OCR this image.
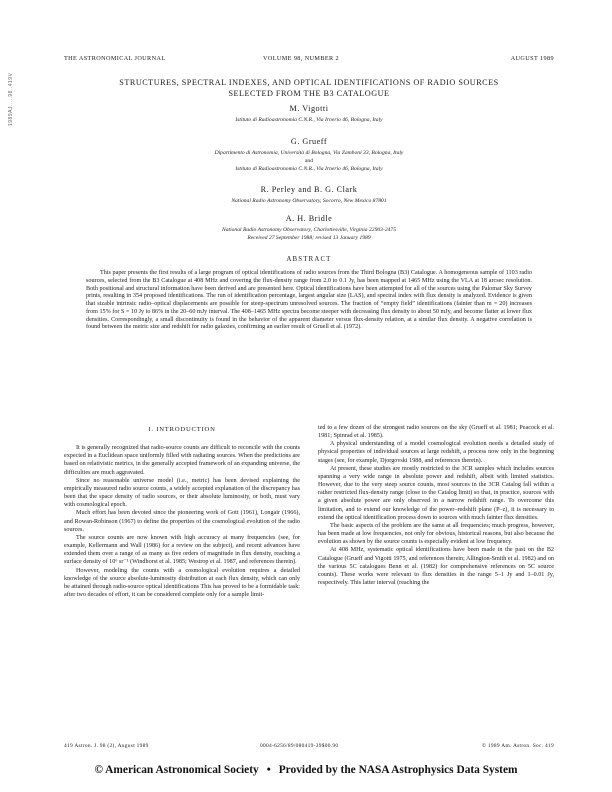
1989AJ.....98..419V
THE ASTRONOMICAL JOURNAL	VOLUME 98, NUMBER 2	AUGUST 1989
STRUCTURES, SPECTRAL INDEXES, AND OPTICAL IDENTIFICATIONS OF RADIO SOURCES
SELECTED FROM THE B3 CATALOGUE
M. Vigotti
Istituto di Radioastronomia C.N.R., Via Irnerio 46, Bologna, Italy
G. Grueff
Dipartimento di Astronomia, Università di Bologna, Via Zamboni 33, Bologna, Italy
and
Istituto di Radioastronomia C.N.R., Via Irnerio 46, Bologna, Italy
R. Perley and B. G. Clark
National Radio Astronomy Observatory, Socorro, New Mexico 87801
A. H. Bridle
National Radio Astronomy Observatory, Charlottesville, Virginia 22903-2475
Received 27 September 1988; revised 13 January 1989
ABSTRACT
This paper presents the first results of a large program of optical identifications of radio sources from the Third Bologna (B3) Catalogue. A homogeneous sample of 1103 radio sources, selected from the B3 Catalogue at 408 MHz and covering the flux-density range from 2.0 to 0.1 Jy, has been mapped at 1465 MHz using the VLA at 18 arcsec resolution. Both positional and structural information have been derived and are presented here. Optical identifications have been attempted for all of the sources using the Palomar Sky Survey prints, resulting in 354 proposed identifications. The run of identification percentage, largest angular size (LAS), and spectral index with flux density is analyzed. Evidence is given that sizable intrinsic radio–optical displacements are possible for steep-spectrum unresolved sources. The fraction of “empty field” identifications (fainter than m = 20) increases from 15% for S = 10 Jy to 86% in the 20–60 mJy interval. The 408–1465 MHz spectra become steeper with decreasing flux density to about 50 mJy, and become flatter at lower flux densities. Correspondingly, a small discontinuity is found in the behavior of the apparent diameter versus flux-density relation, at a similar flux density. A negative correlation is found between the metric size and redshift for radio galaxies, confirming an earlier result of Gruell et al. (1972).
I. INTRODUCTION

It is generally recognized that radio-source counts are difficult to reconcile with the counts expected in a Euclidean space uniformly filled with radiating sources. When the predictions are based on relativistic metrics, in the generally accepted framework of an expanding universe, the difficulties are much aggravated.

Since no reasonable universe model (i.e., metric) has been devised explaining the empirically measured radio source counts, a widely accepted explanation of the discrepancy has been that the space density of radio sources, or their absolute luminosity, or both, must vary with cosmological epoch.

Much effort has been devoted since the pioneering work of Gott (1961), Longair (1966), and Rowan-Robinson (1967) to define the properties of the cosmological evolution of the radio sources.

The source counts are now known with high accuracy at many frequencies (see, for example, Kellermann and Wall (1986) for a review on the subject), and recent advances have extended them over a range of as many as five orders of magnitude in flux density, reaching a surface density of 10⁶ sr⁻¹ (Windhorst et al. 1985; Westrop et al. 1987, and references therein).

However, modeling the counts with a cosmological evolution requires a detailed knowledge of the source absolute-luminosity distribution at each flux density, which can only be attained through radio-source optical identifications This has proved to be a formidable task: after two decades of effort, it can be considered complete only for a sample limit-

ted to a few dozen of the strongest radio sources on the sky (Grueff et al. 1981; Peacock et al. 1981; Spinrad et al. 1985).

A physical understanding of a model cosmological evolution needs a detailed study of physical properties of individual sources at large redshift, a process now only in the beginning stages (see, for example, Djorgovski 1988, and references therein).

At present, these studies are mostly restricted to the 3CR samples which includes sources spanning a very wide range in absolute power and redshift, albeit with limited statistics. However, due to the very steep source counts, most sources in the 3CR Catalog fall within a rather restricted flux-density range (close to the Catalog limit) so that, in practice, sources with a given absolute power are only observed in a narrow redshift range. To overcome this limitation, and to extend our knowledge of the power–redshift plane (P–z), it is necessary to extend the optical identification process down to sources with much fainter flux densities.

The basic aspects of the problem are the same at all frequencies; much progress, however, has been made at low frequencies, not only for obvious, historical reasons, but also because the evolution as shown by the source counts is especially evident at low frequency.

At 408 MHz, systematic optical identifications have been made in the past on the B2 Catalogue (Grueff and Vigotti 1975, and references therein; Allington-Smith et al. 1982) and on the various 5C catalogues Benn et al. (1982) for comprehensive references on 5C source counts). These works were relevant to flux densities in the range 5–1 Jy and 1–0.01 Jy, respectively. This latter interval (reaching the

419 Astron. J. 98 (2), August 1989	0004-6256/89/080419-39$00.90	© 1989 Am. Astron. Soc. 419
© American Astronomical Society • Provided by the NASA Astrophysics Data System
